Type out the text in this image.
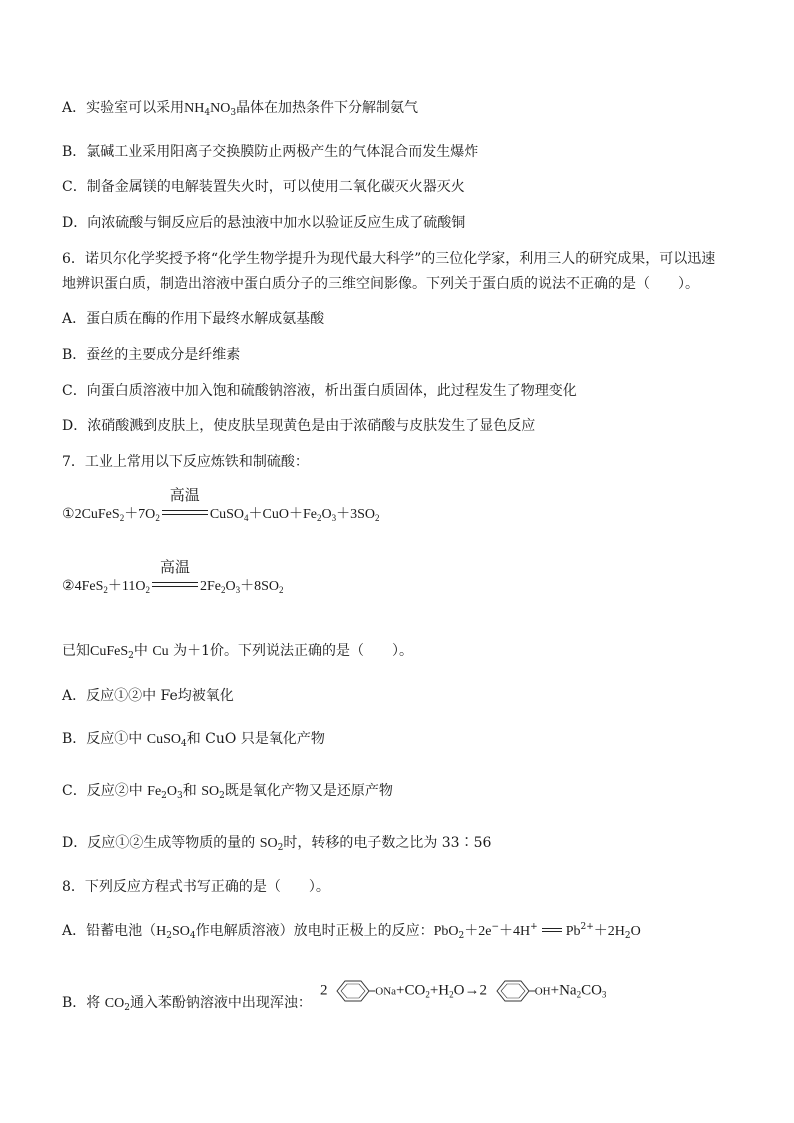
A．实验室可以采用$NH_4NO_3$晶体在加热条件下分解制氨气
B．氯碱工业采用阳离子交换膜防止两极产生的气体混合而发生爆炸
C．制备金属镁的电解装置失火时，可以使用二氧化碳灭火器灭火
D．向浓硫酸与铜反应后的悬浊液中加水以验证反应生成了硫酸铜
6．诺贝尔化学奖授予将“化学生物学提升为现代最大科学”的三位化学家，利用三人的研究成果，可以迅速
地辨识蛋白质，制造出溶液中蛋白质分子的三维空间影像。下列关于蛋白质的说法不正确的是（　　）。
A．蛋白质在酶的作用下最终水解成氨基酸
B．蚕丝的主要成分是纤维素
C．向蛋白质溶液中加入饱和硫酸钠溶液，析出蛋白质固体，此过程发生了物理变化
D．浓硝酸溅到皮肤上，使皮肤呈现黄色是由于浓硝酸与皮肤发生了显色反应
7．工业上常用以下反应炼铁和制硫酸：
$①2CuFeS_2+7O_2$
高温
$CuSO_4+CuO+Fe_2O_3+3SO_2$
$②4FeS_2+11O_2$
高温
$2Fe_2O_3+8SO_2$
已知CuFeS$_2$中 Cu 为＋1价。下列说法正确的是（　　）。
A．反应①②中 Fe均被氧化
B．反应①中 CuSO$_4$和 CuO 只是氧化产物
C．反应②中 $Fe_2O_3$和 $SO_2$既是氧化产物又是还原产物
D．反应①②生成等物质的量的 $SO_2$时，转移的电子数之比为 33∶56
8．下列反应方程式书写正确的是（　　）。
A．铅蓄电池（$H_2SO_4$作电解质溶液）放电时正极上的反应：PbO$_2$＋2e−＋4H+ $Pb^{2+}+2H_2O$
B．将 $CO_2$通入苯酚钠溶液中出现浑浊：
2	$ONa+CO_2+H_2O\to 2$	$OH+Na_2CO_3$
